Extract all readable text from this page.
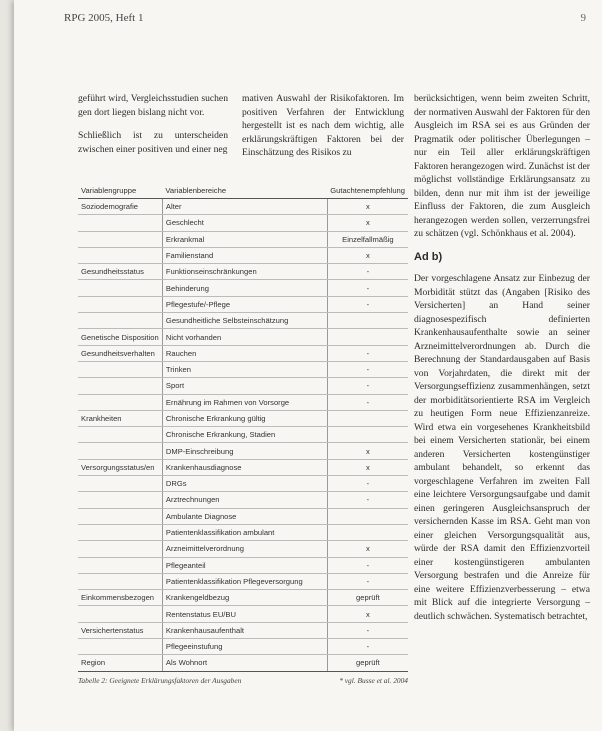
RPG 2005, Heft 1	9

geführt wird, Vergleichsstudien suchen gen dort liegen bislang nicht vor.

Schließlich ist zu unterscheiden zwischen einer positiven und einer neg

mativen Auswahl der Risikofaktoren. Im positiven Verfahren der Entwicklung hergestellt ist es nach dem wichtig, alle erklärungskräftigen Faktoren bei der Einschätzung des Risikos zu

berücksichtigen, wenn beim zweiten Schritt, der normativen Auswahl der Faktoren für den Ausgleich im RSA sei es aus Gründen der Pragmatik oder politischer Überlegungen – nur ein Teil aller erklärungskräftigen Faktoren herangezogen wird. Zunächst ist der möglichst vollständige Erklärungsansatz zu bilden, denn nur mit ihm ist der jeweilige Einfluss der Faktoren, die zum Ausgleich herangezogen werden sollen, verzerrungsfrei zu schätzen (vgl. Schönkhaus et al. 2004).

Ad b)

Der vorgeschlagene Ansatz zur Einbezug der Morbidität stützt das (Angaben [Risiko des Versicherten] an Hand seiner diagnosespezifisch definierten Krankenhausaufenthalte sowie an seiner Arzneimittelverordnungen ab. Durch die Berechnung der Standardausgaben auf Basis von Vorjahrdaten, die direkt mit der Versorgungseffizienz zusammenhängen, setzt der morbiditätsorientierte RSA im Vergleich zu heutigen Form neue Effizienzanreize. Wird etwa ein vorgesehenes Krankheitsbild bei einem Versicherten stationär, bei einem anderen Versicherten kostengünstiger ambulant behandelt, so erkennt das vorgeschlagene Verfahren im zweiten Fall eine leichtere Versorgungsaufgabe und damit einen geringeren Ausgleichsanspruch der versichernden Kasse im RSA. Geht man von einer gleichen Versorgungsqualität aus, würde der RSA damit den Effizienzvorteil einer kostengünstigeren ambulanten Versorgung bestrafen und die Anreize für eine weitere Effizienzverbesserung – etwa mit Blick auf die integrierte Versorgung – deutlich schwächen. Systematisch betrachtet,

Variablengruppe	Variablenbereiche	Gutachtenempfehlung
Soziodemografie	Alter	x
	Geschlecht	x
	Erkrankmal	Einzelfallmäßig
	Familienstand	x
Gesundheitsstatus	Funktionseinschränkungen	-
	Behinderung	-
	Pflegestufe/-Pflege	-
	Gesundheitliche Selbsteinschätzung	
Genetische Disposition	Nicht vorhanden	
Gesundheitsverhalten	Rauchen	-
	Trinken	-
	Sport	-
	Ernährung im Rahmen von Vorsorge	-
Krankheiten	Chronische Erkrankung gültig	
	Chronische Erkrankung, Stadien	
	DMP-Einschreibung	x
Versorgungsstatus/en	Krankenhausdiagnose	x
	DRGs	-
	Arztrechnungen	-
	Ambulante Diagnose	
	Patientenklassifikation ambulant	
	Arzneimittelverordnung	x
	Pflegeanteil	-
	Patientenklassifikation Pflegeversorgung	-
Einkommensbezogen	Krankengeldbezug	geprüft
	Rentenstatus EU/BU	x
Versichertenstatus	Krankenhausaufenthalt	-
	Pflegeeinstufung	-
Region	Als Wohnort	geprüft
Tabelle 2: Geeignete Erklärungsfaktoren der Ausgaben	* vgl. Busse et al. 2004
